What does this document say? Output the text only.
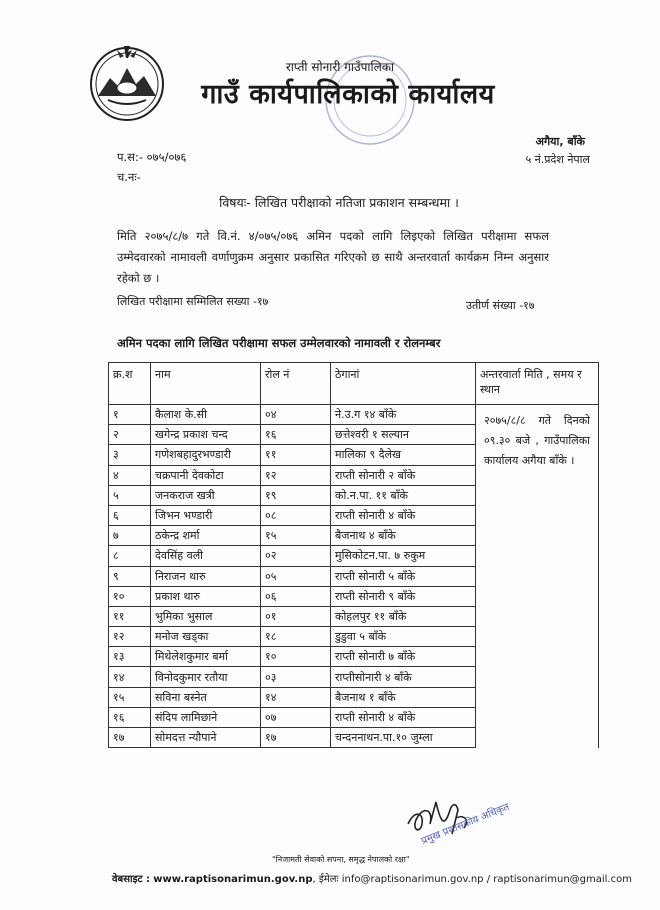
राप्ती सोनारी गाउँपालिका
गाउँ कार्यपालिकाको कार्यालय
अगैया, बाँके
५ नं.प्रदेश नेपाल
प.स:- ०७५/०७६
च.नः-
विषयः- लिखित परीक्षाको नतिजा प्रकाशन सम्बन्धमा ।
मिति २०७५/८/७ गते वि.नं. ४/०७५/०७६ अमिन पदको लागि लिइएको लिखित परीक्षामा सफल उम्मेदवारको नामावली वर्णाणुक्रम अनुसार प्रकासित गरिएको छ साथै अन्तरवार्ता कार्यक्रम निम्न अनुसार रहेको छ ।
लिखित परीक्षामा सम्मिलित सख्या -१७	उतीर्ण संख्या -१७
अमिन पदका लागि लिखित परीक्षामा सफल उम्मेलवारको नामावली र रोलनम्बर
क्र.श	नाम	रोल नं	ठेगानां	अन्तरवार्ता मिति , समय र स्थान
१	कैलाश के.सी	०४	ने.उ.ग १४ बाँके	२०७५/८/८ गते दिनको ०९.३० बजे , गाउँपालिका कार्यालय अगैया बाँके ।
२	खगेन्द्र प्रकाश चन्द	१६	छत्तेश्वरी १ सल्यान	
३	गणेशबहादुरभण्डारी	११	मालिका ९ दैलेख	
४	चक्रपानी देवकोटा	१२	राप्ती सोनारी २ बाँके	
५	जनकराज खत्री	१९	को.न.पा. ११ बाँके	
६	जिभन भण्डारी	०८	राप्ती सोनारी ४ बाँके	
७	ठकेन्द्र शर्मा	१५	बैजनाथ ४ बाँके	
८	देवसिंह वली	०२	मुसिकोटन.पा. ७ रुकुम	
९	निराजन थारु	०५	राप्ती सोनारी ५ बाँके	
१०	प्रकाश थारु	०६	राप्ती सोनारी ९ बाँके	
११	भुमिका भुसाल	०१	कोहलपुर ११ बाँके	
१२	मनोज खड्का	१८	डुडुवा ५ बाँके	
१३	मिथेलेशकुमार बर्मा	१०	राप्ती सोनारी ७ बाँके	
१४	विनोदकुमार रतौया	०३	राप्तीसोनारी ४ बाँके	
१५	सविना बस्नेत	१४	बैजनाथ १ बाँके	
१६	संदिप लामिछाने	०७	राप्ती सोनारी ४ बाँके	
१७	सोमदत्त न्यौपाने	१७	चन्दननाथन.पा.१० जुम्ला	
प्रमुख प्रशासकीय अधिकृत
"निजामती सेवाको सपना, समृद्ध नेपालको रक्षा"
वेबसाइट : www.raptisonarimun.gov.np, ईमेलः info@raptisonarimun.gov.np / raptisonarimun@gmail.com
